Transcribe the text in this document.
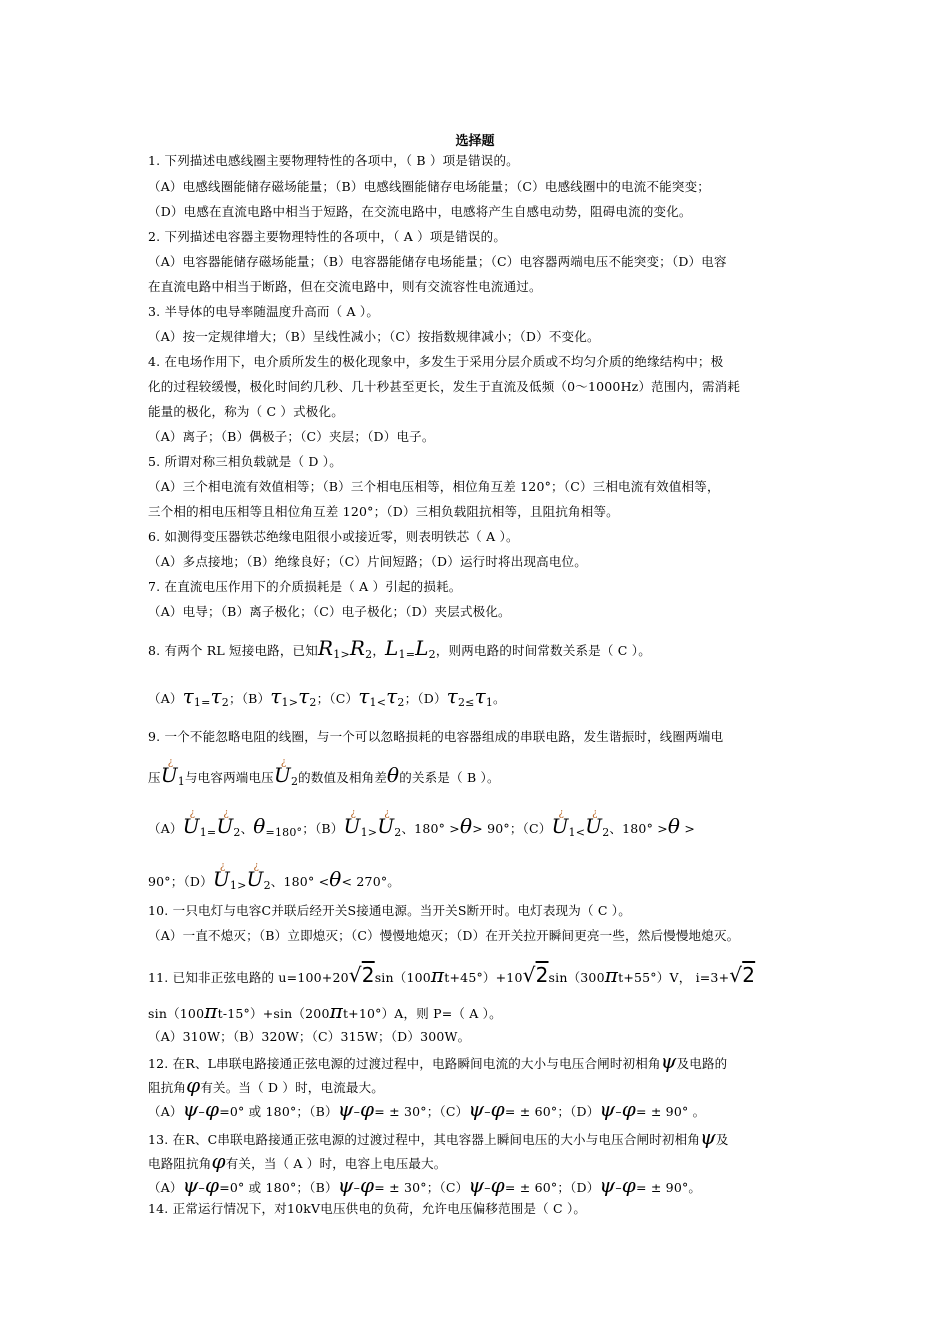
选择题
1. 下列描述电感线圈主要物理特性的各项中，（ B ）项是错误的。
（A）电感线圈能储存磁场能量；（B）电感线圈能储存电场能量；（C）电感线圈中的电流不能突变；
（D）电感在直流电路中相当于短路，在交流电路中，电感将产生自感电动势，阻碍电流的变化。
2. 下列描述电容器主要物理特性的各项中，（ A ）项是错误的。
（A）电容器能储存磁场能量；（B）电容器能储存电场能量；（C）电容器两端电压不能突变；（D）电容
在直流电路中相当于断路，但在交流电路中，则有交流容性电流通过。
3. 半导体的电导率随温度升高而（ A ）。
（A）按一定规律增大；（B）呈线性减小；（C）按指数规律减小；（D）不变化。
4. 在电场作用下，电介质所发生的极化现象中，多发生于采用分层介质或不均匀介质的绝缘结构中；极
化的过程较缓慢，极化时间约几秒、几十秒甚至更长，发生于直流及低频（0～1000Hz）范围内，需消耗
能量的极化，称为（ C ）式极化。
（A）离子；（B）偶极子；（C）夹层；（D）电子。
5. 所谓对称三相负载就是（ D ）。
（A）三个相电流有效值相等；（B）三个相电压相等，相位角互差 120°；（C）三相电流有效值相等，
三个相的相电压相等且相位角互差 120°；（D）三相负载阻抗相等，且阻抗角相等。
6. 如测得变压器铁芯绝缘电阻很小或接近零，则表明铁芯（ A ）。
（A）多点接地；（B）绝缘良好；（C）片间短路；（D）运行时将出现高电位。
7. 在直流电压作用下的介质损耗是（ A ）引起的损耗。
（A）电导；（B）离子极化；（C）电子极化；（D）夹层式极化。
8. 有两个 RL 短接电路，已知R1>R2，L1=L2，则两电路的时间常数关系是（ C ）。
（A）τ1=τ2；（B）τ1>τ2；（C）τ1<τ2；（D）τ2≤τ1。
9. 一个不能忽略电阻的线圈，与一个可以忽略损耗的电容器组成的串联电路，发生谐振时，线圈两端电
压¿ U1与电容两端电压¿ U2的数值及相角差θ的关系是（ B ）。
（A）¿ U1=¿ U2、θ=180°；（B）¿ U1>¿ U2、180° >θ> 90°；（C）¿ U1<¿ U2、180° >θ >
90°；（D）¿ U1>¿ U2、180° <θ< 270°。
10. 一只电灯与电容C并联后经开关S接通电源。当开关S断开时。电灯表现为（ C ）。
（A）一直不熄灭；（B）立即熄灭；（C）慢慢地熄灭；（D）在开关拉开瞬间更亮一些，然后慢慢地熄灭。
11. 已知非正弦电路的 u=100+20√2sin（100πt+45°）+10√2sin（300πt+55°）V， i=3+√2
sin（100πt-15°）+sin（200πt+10°）A，则 P=（ A ）。
（A）310W；（B）320W；（C）315W；（D）300W。
12. 在R、L串联电路接通正弦电源的过渡过程中，电路瞬间电流的大小与电压合闸时初相角ψ及电路的
阻抗角φ有关。当（ D ）时，电流最大。
（A）ψ–φ=0° 或 180°；（B）ψ–φ= ± 30°；（C）ψ–φ= ± 60°；（D）ψ–φ= ± 90° 。
13. 在R、C串联电路接通正弦电源的过渡过程中，其电容器上瞬间电压的大小与电压合闸时初相角ψ及
电路阻抗角φ有关，当（ A ）时，电容上电压最大。
（A）ψ–φ=0° 或 180°；（B）ψ–φ= ± 30°；（C）ψ–φ= ± 60°；（D）ψ–φ= ± 90°。
14. 正常运行情况下，对10kV电压供电的负荷，允许电压偏移范围是（ C ）。
